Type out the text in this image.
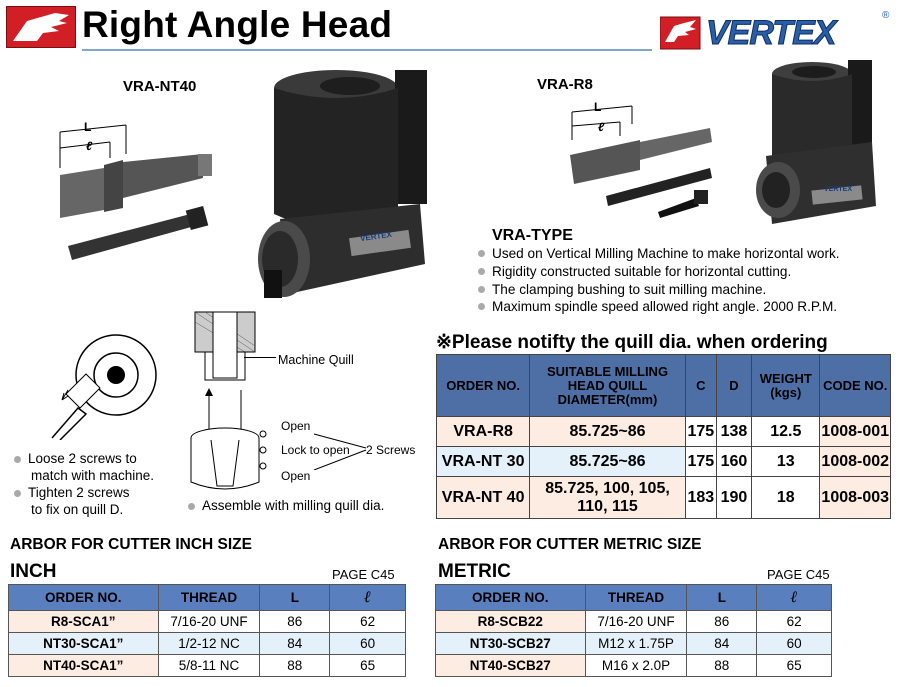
Right Angle Head	VERTEX	®
VRA-NT40	VRA-R8
L
ℓ
VERTEX
L
ℓ
VERTEX
VRA-TYPE
Used on Vertical Milling Machine to make horizontal work.
Rigidity constructed suitable for horizontal cutting.
The clamping bushing to suit milling machine.
Maximum spindle speed allowed right angle. 2000 R.P.M.
Machine Quill
Open
Lock to open
Open
2 Screws
Loose 2 screws to
match with machine.
Tighten 2 screws
to fix on quill D.	Assemble with milling quill dia.
※Please notifty the quill dia. when ordering
ORDER NO.	SUITABLE MILLING HEAD QUILL DIAMETER(mm)	C	D	WEIGHT (kgs)	CODE NO.
VRA-R8	85.725~86	175	138	12.5	1008-001
VRA-NT 30	85.725~86	175	160	13	1008-002
VRA-NT 40	85.725, 100, 105, 110, 115	183	190	18	1008-003
ARBOR FOR CUTTER INCH SIZE
INCH	PAGE C45
ORDER NO.	THREAD	L	ℓ
R8-SCA1”	7/16-20 UNF	86	62
NT30-SCA1”	1/2-12 NC	84	60
NT40-SCA1”	5/8-11 NC	88	65
ARBOR FOR CUTTER METRIC SIZE
METRIC	PAGE C45
ORDER NO.	THREAD	L	ℓ
R8-SCB22	7/16-20 UNF	86	62
NT30-SCB27	M12 x 1.75P	84	60
NT40-SCB27	M16 x 2.0P	88	65
